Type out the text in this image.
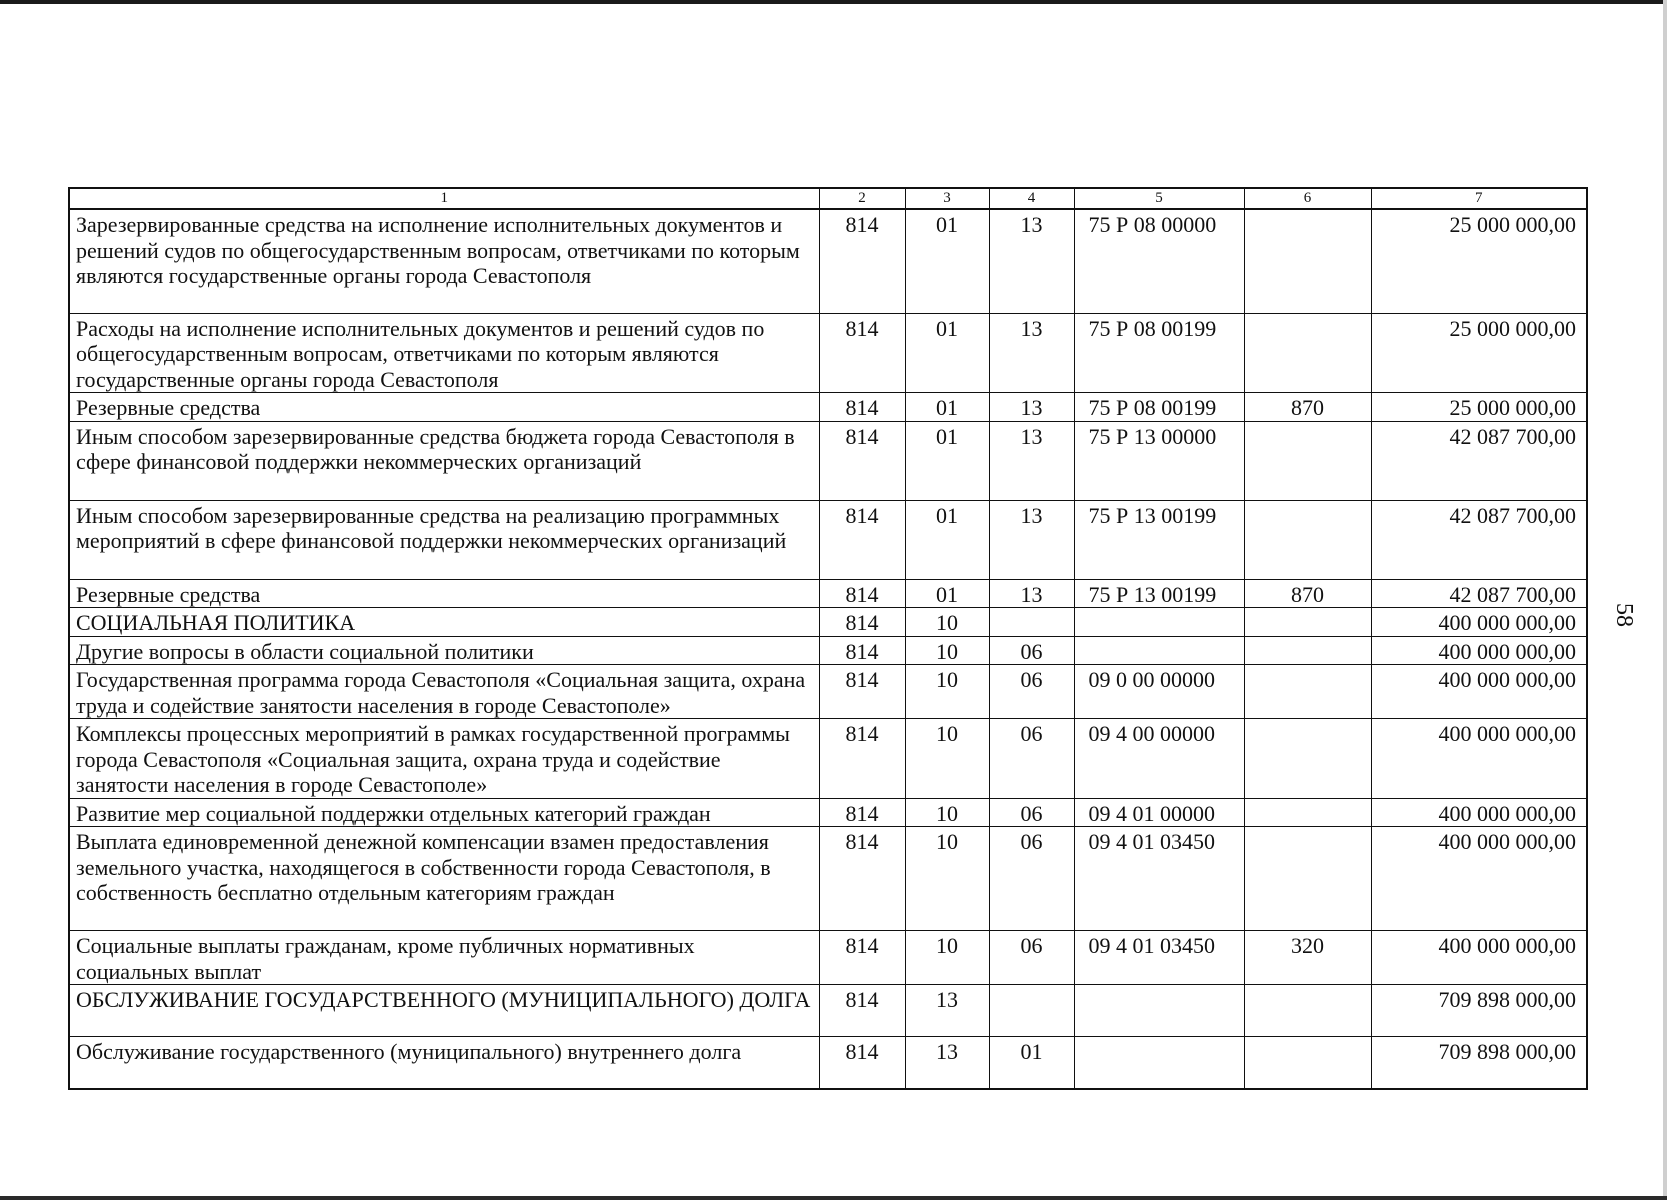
1	2	3	4	5	6	7
Зарезервированные средства на исполнение исполнительных документов и решений судов по общегосударственным вопросам, ответчиками по которым являются государственные органы города Севастополя	814	01	13	75 Р 08 00000		25 000 000,00
Расходы на исполнение исполнительных документов и решений судов по общегосударственным вопросам, ответчиками по которым являются государственные органы города Севастополя	814	01	13	75 Р 08 00199		25 000 000,00
Резервные средства	814	01	13	75 Р 08 00199	870	25 000 000,00
Иным способом зарезервированные средства бюджета города Севастополя в сфере финансовой поддержки некоммерческих организаций	814	01	13	75 Р 13 00000		42 087 700,00
Иным способом зарезервированные средства на реализацию программных мероприятий в сфере финансовой поддержки некоммерческих организаций	814	01	13	75 Р 13 00199		42 087 700,00
Резервные средства	814	01	13	75 Р 13 00199	870	42 087 700,00
СОЦИАЛЬНАЯ ПОЛИТИКА	814	10				400 000 000,00
Другие вопросы в области социальной политики	814	10	06			400 000 000,00
Государственная программа города Севастополя «Социальная защита, охрана труда и содействие занятости населения в городе Севастополе»	814	10	06	09 0 00 00000		400 000 000,00
Комплексы процессных мероприятий в рамках государственной программы города Севастополя «Социальная защита, охрана труда и содействие занятости населения в городе Севастополе»	814	10	06	09 4 00 00000		400 000 000,00
Развитие мер социальной поддержки отдельных категорий граждан	814	10	06	09 4 01 00000		400 000 000,00
Выплата единовременной денежной компенсации взамен предоставления земельного участка, находящегося в собственности города Севастополя, в собственность бесплатно отдельным категориям граждан	814	10	06	09 4 01 03450		400 000 000,00
Социальные выплаты гражданам, кроме публичных нормативных социальных выплат	814	10	06	09 4 01 03450	320	400 000 000,00
ОБСЛУЖИВАНИЕ ГОСУДАРСТВЕННОГО (МУНИЦИПАЛЬНОГО) ДОЛГА	814	13				709 898 000,00
Обслуживание государственного (муниципального) внутреннего долга	814	13	01			709 898 000,00
58
